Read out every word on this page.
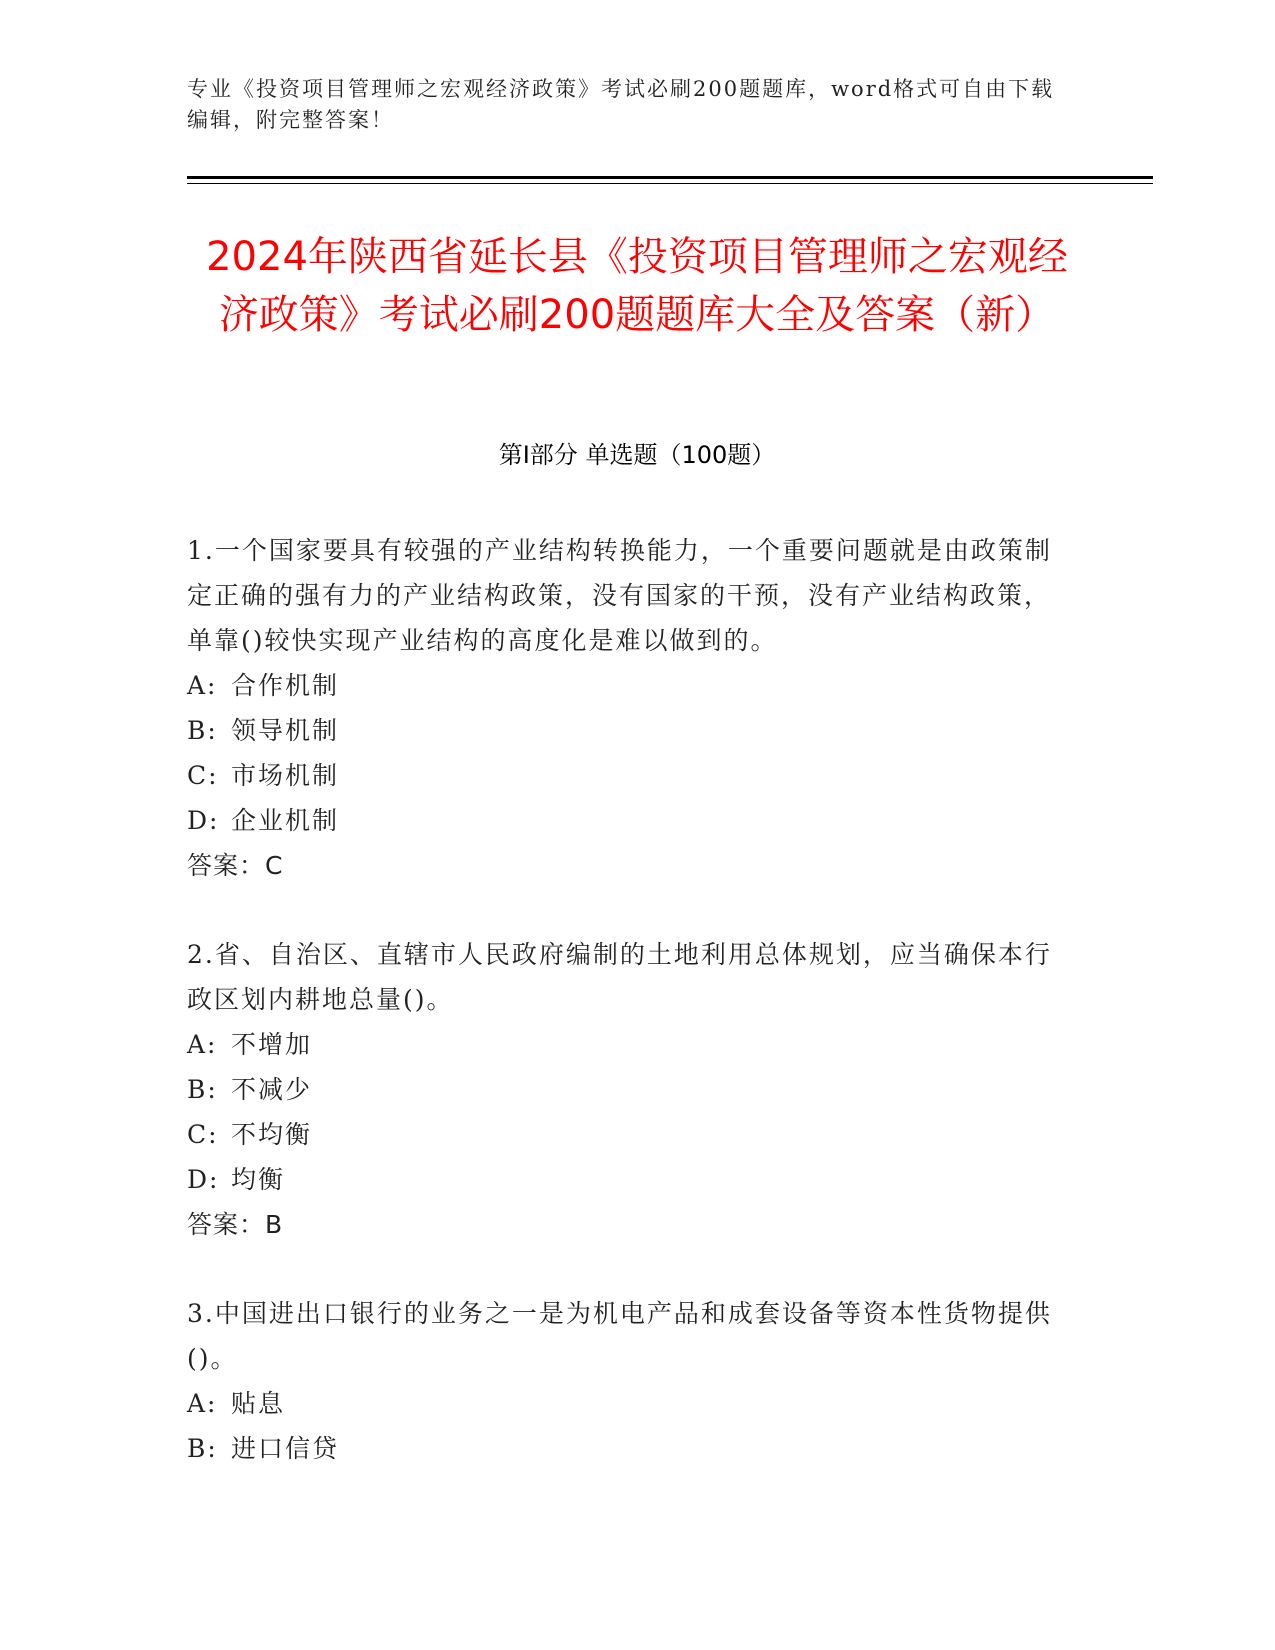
专业《投资项目管理师之宏观经济政策》考试必刷200题题库，word格式可自由下载编辑，附完整答案！
2024年陕西省延长县《投资项目管理师之宏观经济政策》考试必刷200题题库大全及答案（新）
第Ⅰ部分 单选题（100题）

1.一个国家要具有较强的产业结构转换能力，一个重要问题就是由政策制定正确的强有力的产业结构政策，没有国家的干预，没有产业结构政策，单靠()较快实现产业结构的高度化是难以做到的。

A: 合作机制

B: 领导机制

C: 市场机制

D: 企业机制

答案：C

2.省、自治区、直辖市人民政府编制的土地利用总体规划，应当确保本行政区划内耕地总量()。

A: 不增加

B: 不减少

C: 不均衡

D: 均衡

答案：B

3.中国进出口银行的业务之一是为机电产品和成套设备等资本性货物提供()。

A: 贴息

B: 进口信贷
